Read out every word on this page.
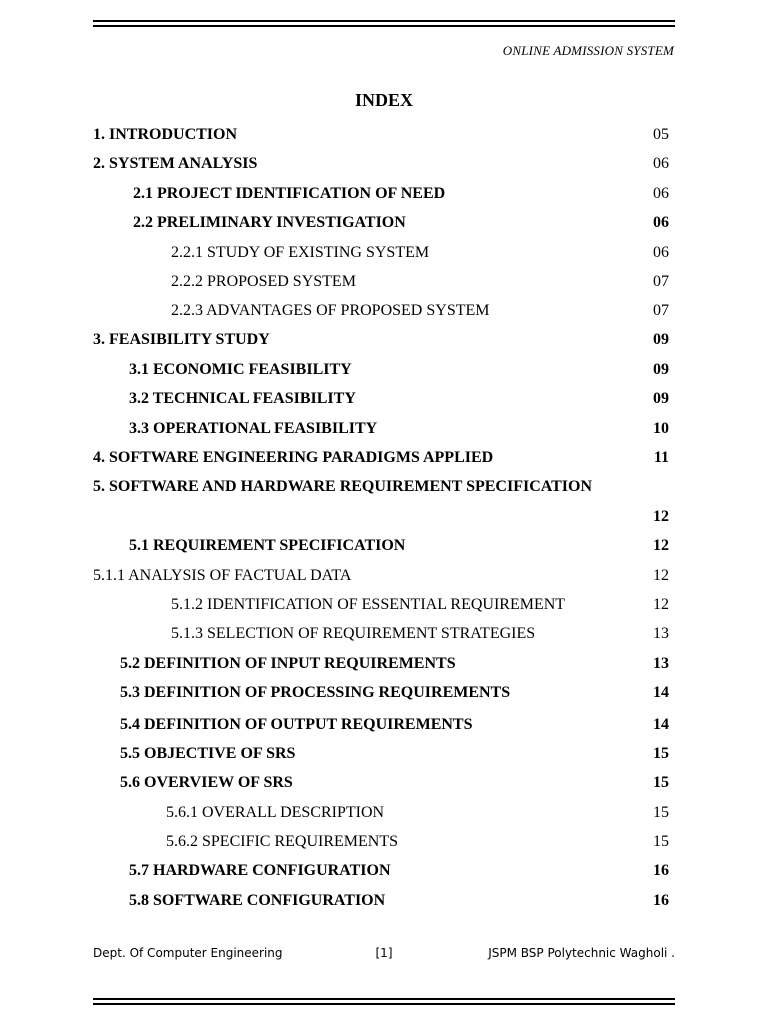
ONLINE ADMISSION SYSTEM
INDEX
1. INTRODUCTION	05
2. SYSTEM ANALYSIS	06
2.1 PROJECT IDENTIFICATION OF NEED	06
2.2 PRELIMINARY INVESTIGATION	06
2.2.1 STUDY OF EXISTING SYSTEM	06
2.2.2 PROPOSED SYSTEM	07
2.2.3 ADVANTAGES OF PROPOSED SYSTEM	07
3. FEASIBILITY STUDY	09
3.1 ECONOMIC FEASIBILITY	09
3.2 TECHNICAL FEASIBILITY	09
3.3 OPERATIONAL FEASIBILITY	10
4. SOFTWARE ENGINEERING PARADIGMS APPLIED	11
5. SOFTWARE AND HARDWARE REQUIREMENT SPECIFICATION
12
5.1 REQUIREMENT SPECIFICATION	12
5.1.1 ANALYSIS OF FACTUAL DATA	12
5.1.2 IDENTIFICATION OF ESSENTIAL REQUIREMENT	12
5.1.3 SELECTION OF REQUIREMENT STRATEGIES	13
5.2 DEFINITION OF INPUT REQUIREMENTS	13
5.3 DEFINITION OF PROCESSING REQUIREMENTS	14
5.4 DEFINITION OF OUTPUT REQUIREMENTS	14
5.5 OBJECTIVE OF SRS	15
5.6 OVERVIEW OF SRS	15
5.6.1 OVERALL DESCRIPTION	15
5.6.2 SPECIFIC REQUIREMENTS	15
5.7 HARDWARE CONFIGURATION	16
5.8 SOFTWARE CONFIGURATION	16
Dept. Of Computer Engineering	[1]	JSPM BSP Polytechnic Wagholi .
